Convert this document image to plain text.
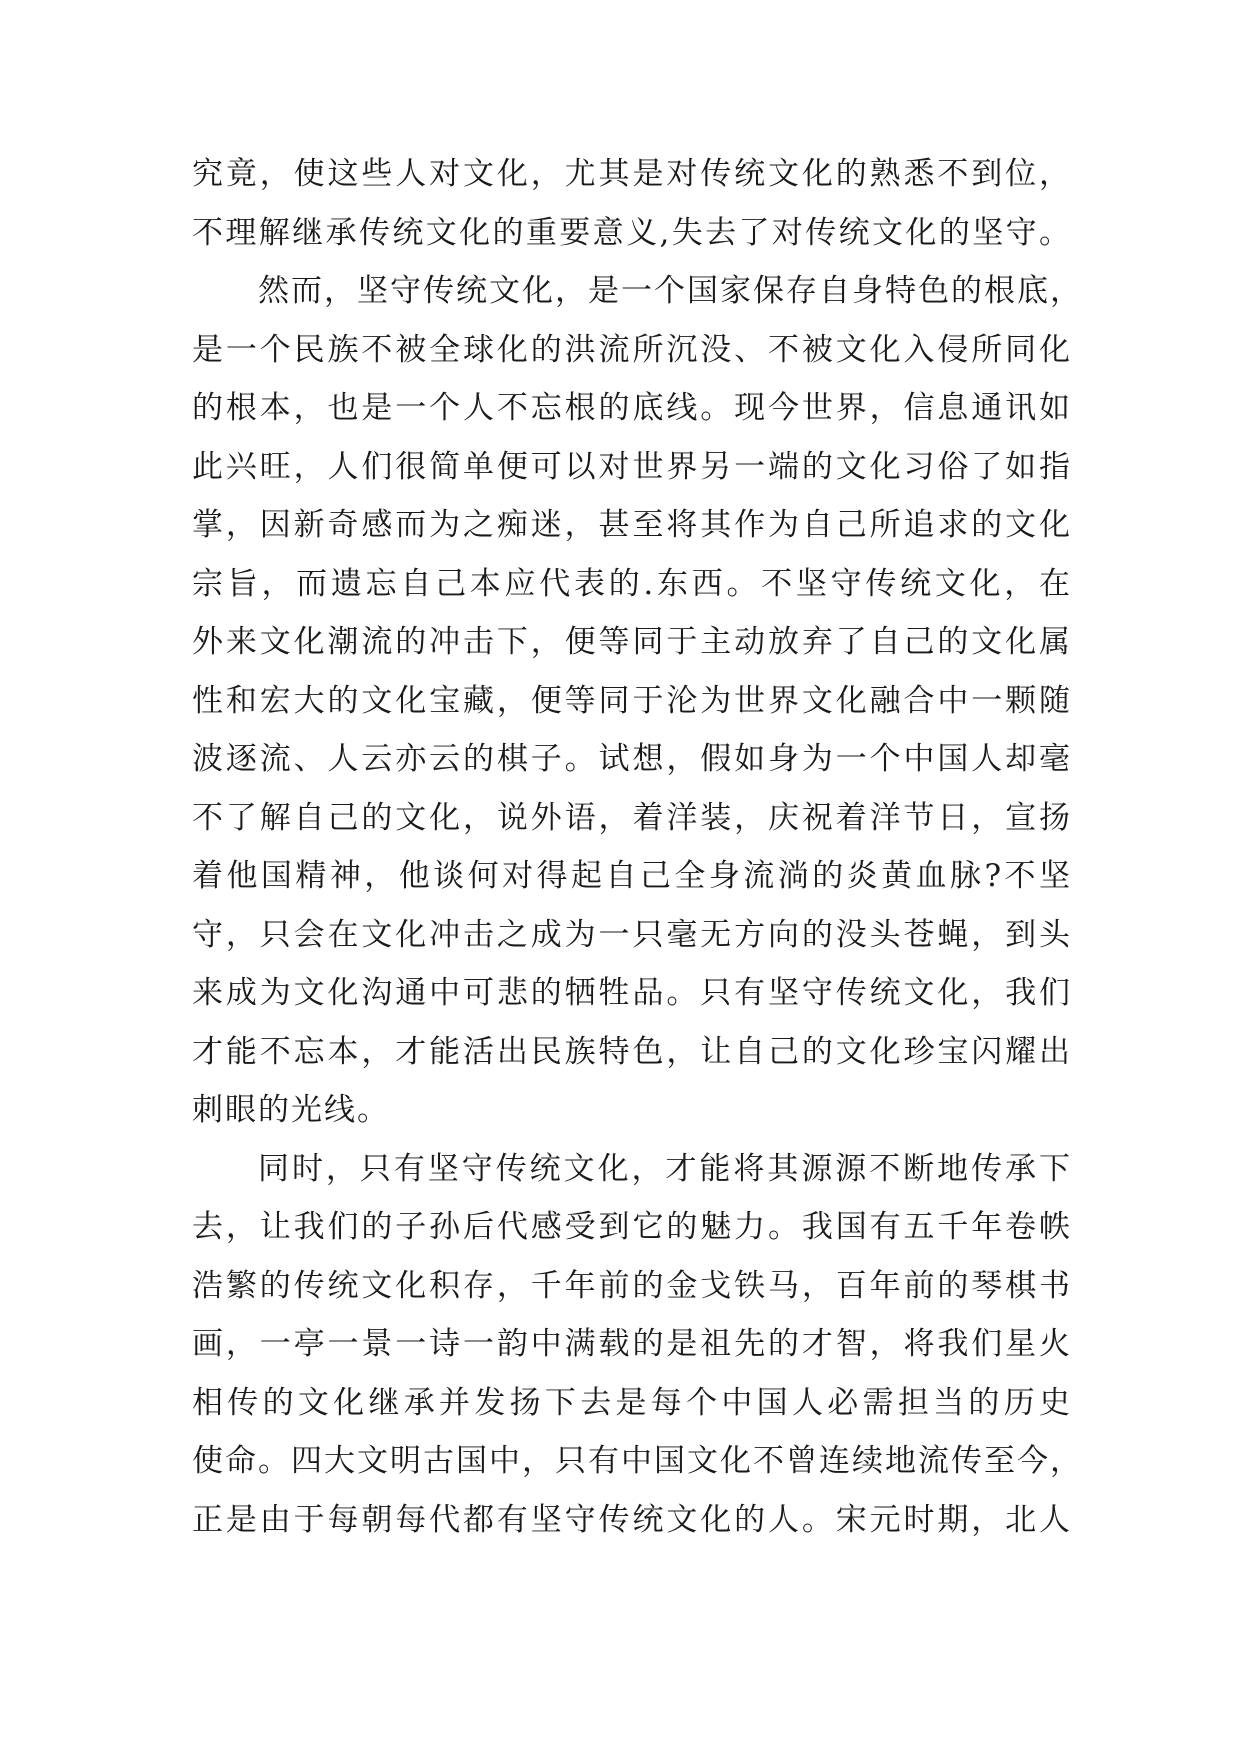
究竟，使这些人对文化，尤其是对传统文化的熟悉不到位，
不理解继承传统文化的重要意义,失去了对传统文化的坚守。
然而，坚守传统文化，是一个国家保存自身特色的根底，
是一个民族不被全球化的洪流所沉没、不被文化入侵所同化
的根本，也是一个人不忘根的底线。现今世界，信息通讯如
此兴旺，人们很简单便可以对世界另一端的文化习俗了如指
掌，因新奇感而为之痴迷，甚至将其作为自己所追求的文化
宗旨，而遗忘自己本应代表的.东西。不坚守传统文化，在
外来文化潮流的冲击下，便等同于主动放弃了自己的文化属
性和宏大的文化宝藏，便等同于沦为世界文化融合中一颗随
波逐流、人云亦云的棋子。试想，假如身为一个中国人却毫
不了解自己的文化，说外语，着洋装，庆祝着洋节日，宣扬
着他国精神，他谈何对得起自己全身流淌的炎黄血脉?不坚
守，只会在文化冲击之成为一只毫无方向的没头苍蝇，到头
来成为文化沟通中可悲的牺牲品。只有坚守传统文化，我们
才能不忘本，才能活出民族特色，让自己的文化珍宝闪耀出
刺眼的光线。
同时，只有坚守传统文化，才能将其源源不断地传承下
去，让我们的子孙后代感受到它的魅力。我国有五千年卷帙
浩繁的传统文化积存，千年前的金戈铁马，百年前的琴棋书
画，一亭一景一诗一韵中满载的是祖先的才智，将我们星火
相传的文化继承并发扬下去是每个中国人必需担当的历史
使命。四大文明古国中，只有中国文化不曾连续地流传至今，
正是由于每朝每代都有坚守传统文化的人。宋元时期，北人
